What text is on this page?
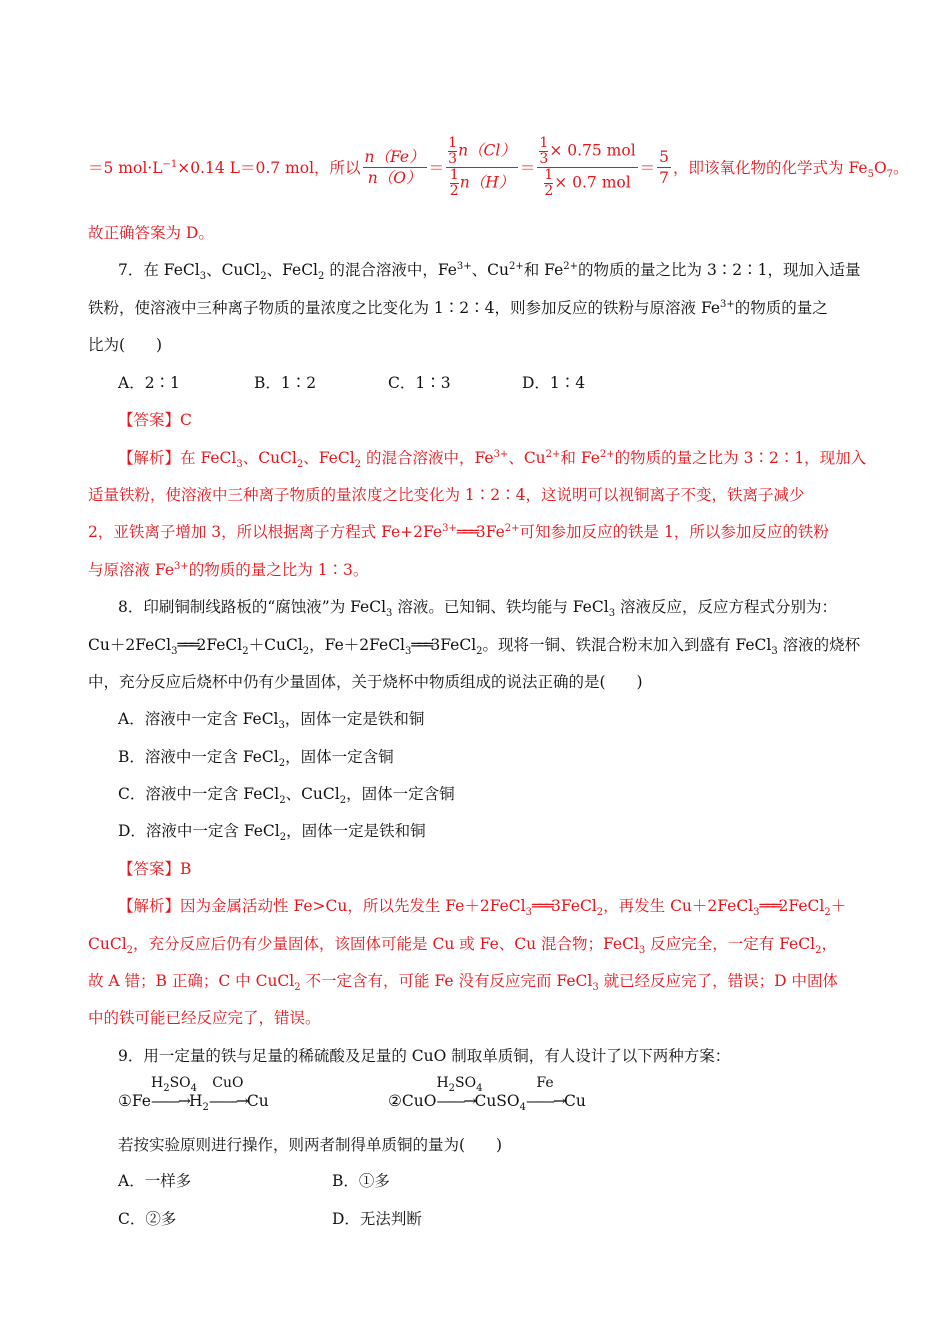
＝5 $mol\cdot L^{-1}\times 0.14$ L＝0.7 mol，所以 $\frac{n(Fe)}{n(O)} = \frac{\frac{1}{3} n(Cl)}{\frac{1}{2} n(H)} = \frac{\frac{1}{3} \times 0.75 mol}{\frac{1}{2} \times 0.7 mol} = \frac{5}{7}$ ，即该氧化物的化学式为 $Fe_5O_7$。
故正确答案为 D。
7．在 FeCl$_3$、CuCl$_2$、FeCl$_2$ 的混合溶液中，$Fe^{3+}$、$Cu^{2+}$和 $Fe^{2+}$的物质的量之比为 3∶2∶1，现加入适量
铁粉，使溶液中三种离子物质的量浓度之比变化为 1∶2∶4，则参加反应的铁粉与原溶液 $Fe^{3+}$的物质的量之
比为(　　)
A．2∶1	B．1∶2	C．1∶3	D．1∶4
【答案】C
【解析】在 FeCl$_3$、CuCl$_2$、FeCl$_2$ 的混合溶液中，$Fe^{3+}$、$Cu^{2+}$和 $Fe^{2+}$的物质的量之比为 3∶2∶1，现加入
适量铁粉，使溶液中三种离子物质的量浓度之比变化为 1∶2∶4，这说明可以视铜离子不变，铁离子减少
2，亚铁离子增加 3，所以根据离子方程式 $Fe+2Fe^{3+}═══3Fe^{2+}$可知参加反应的铁是 1，所以参加反应的铁粉
与原溶液 $Fe^{3+}$的物质的量之比为 1∶3。
8．印刷铜制线路板的“腐蚀液”为 FeCl$_3$ 溶液。已知铜、铁均能与 FeCl$_3$ 溶液反应，反应方程式分别为：
Cu＋2FeCl$_3$═══2FeCl$_2$＋CuCl$_2$，Fe＋2FeCl$_3$═══3FeCl$_2$。现将一铜、铁混合粉末加入到盛有 FeCl$_3$ 溶液的烧杯
中，充分反应后烧杯中仍有少量固体，关于烧杯中物质组成的说法正确的是(　　)
A．溶液中一定含 FeCl$_3$，固体一定是铁和铜
B．溶液中一定含 FeCl$_2$，固体一定含铜
C．溶液中一定含 FeCl$_2$、CuCl$_2$，固体一定含铜
D．溶液中一定含 FeCl$_2$，固体一定是铁和铜
【答案】B
【解析】因为金属活动性 Fe>Cu，所以先发生 Fe＋2FeCl$_3$═══3FeCl$_2$，再发生 Cu＋2FeCl$_3$═══2FeCl$_2$＋
CuCl$_2$，充分反应后仍有少量固体，该固体可能是 Cu 或 Fe、Cu 混合物；FeCl$_3$ 反应完全，一定有 FeCl$_2$，
故 A 错；B 正确；C 中 CuCl$_2$ 不一定含有，可能 Fe 没有反应完而 FeCl$_3$ 就已经反应完了，错误；D 中固体
中的铁可能已经反应完了，错误。
9．用一定量的铁与足量的稀硫酸及足量的 CuO 制取单质铜，有人设计了以下两种方案：
①Fe
$H_2SO_4$
$——\to H_2$
CuO
——→Cu	②CuO
$H_2SO_4$
——→CuSO$_4$
Fe
——→Cu
若按实验原则进行操作，则两者制得单质铜的量为(　　)
A．一样多	B．①多
C．②多	D．无法判断
